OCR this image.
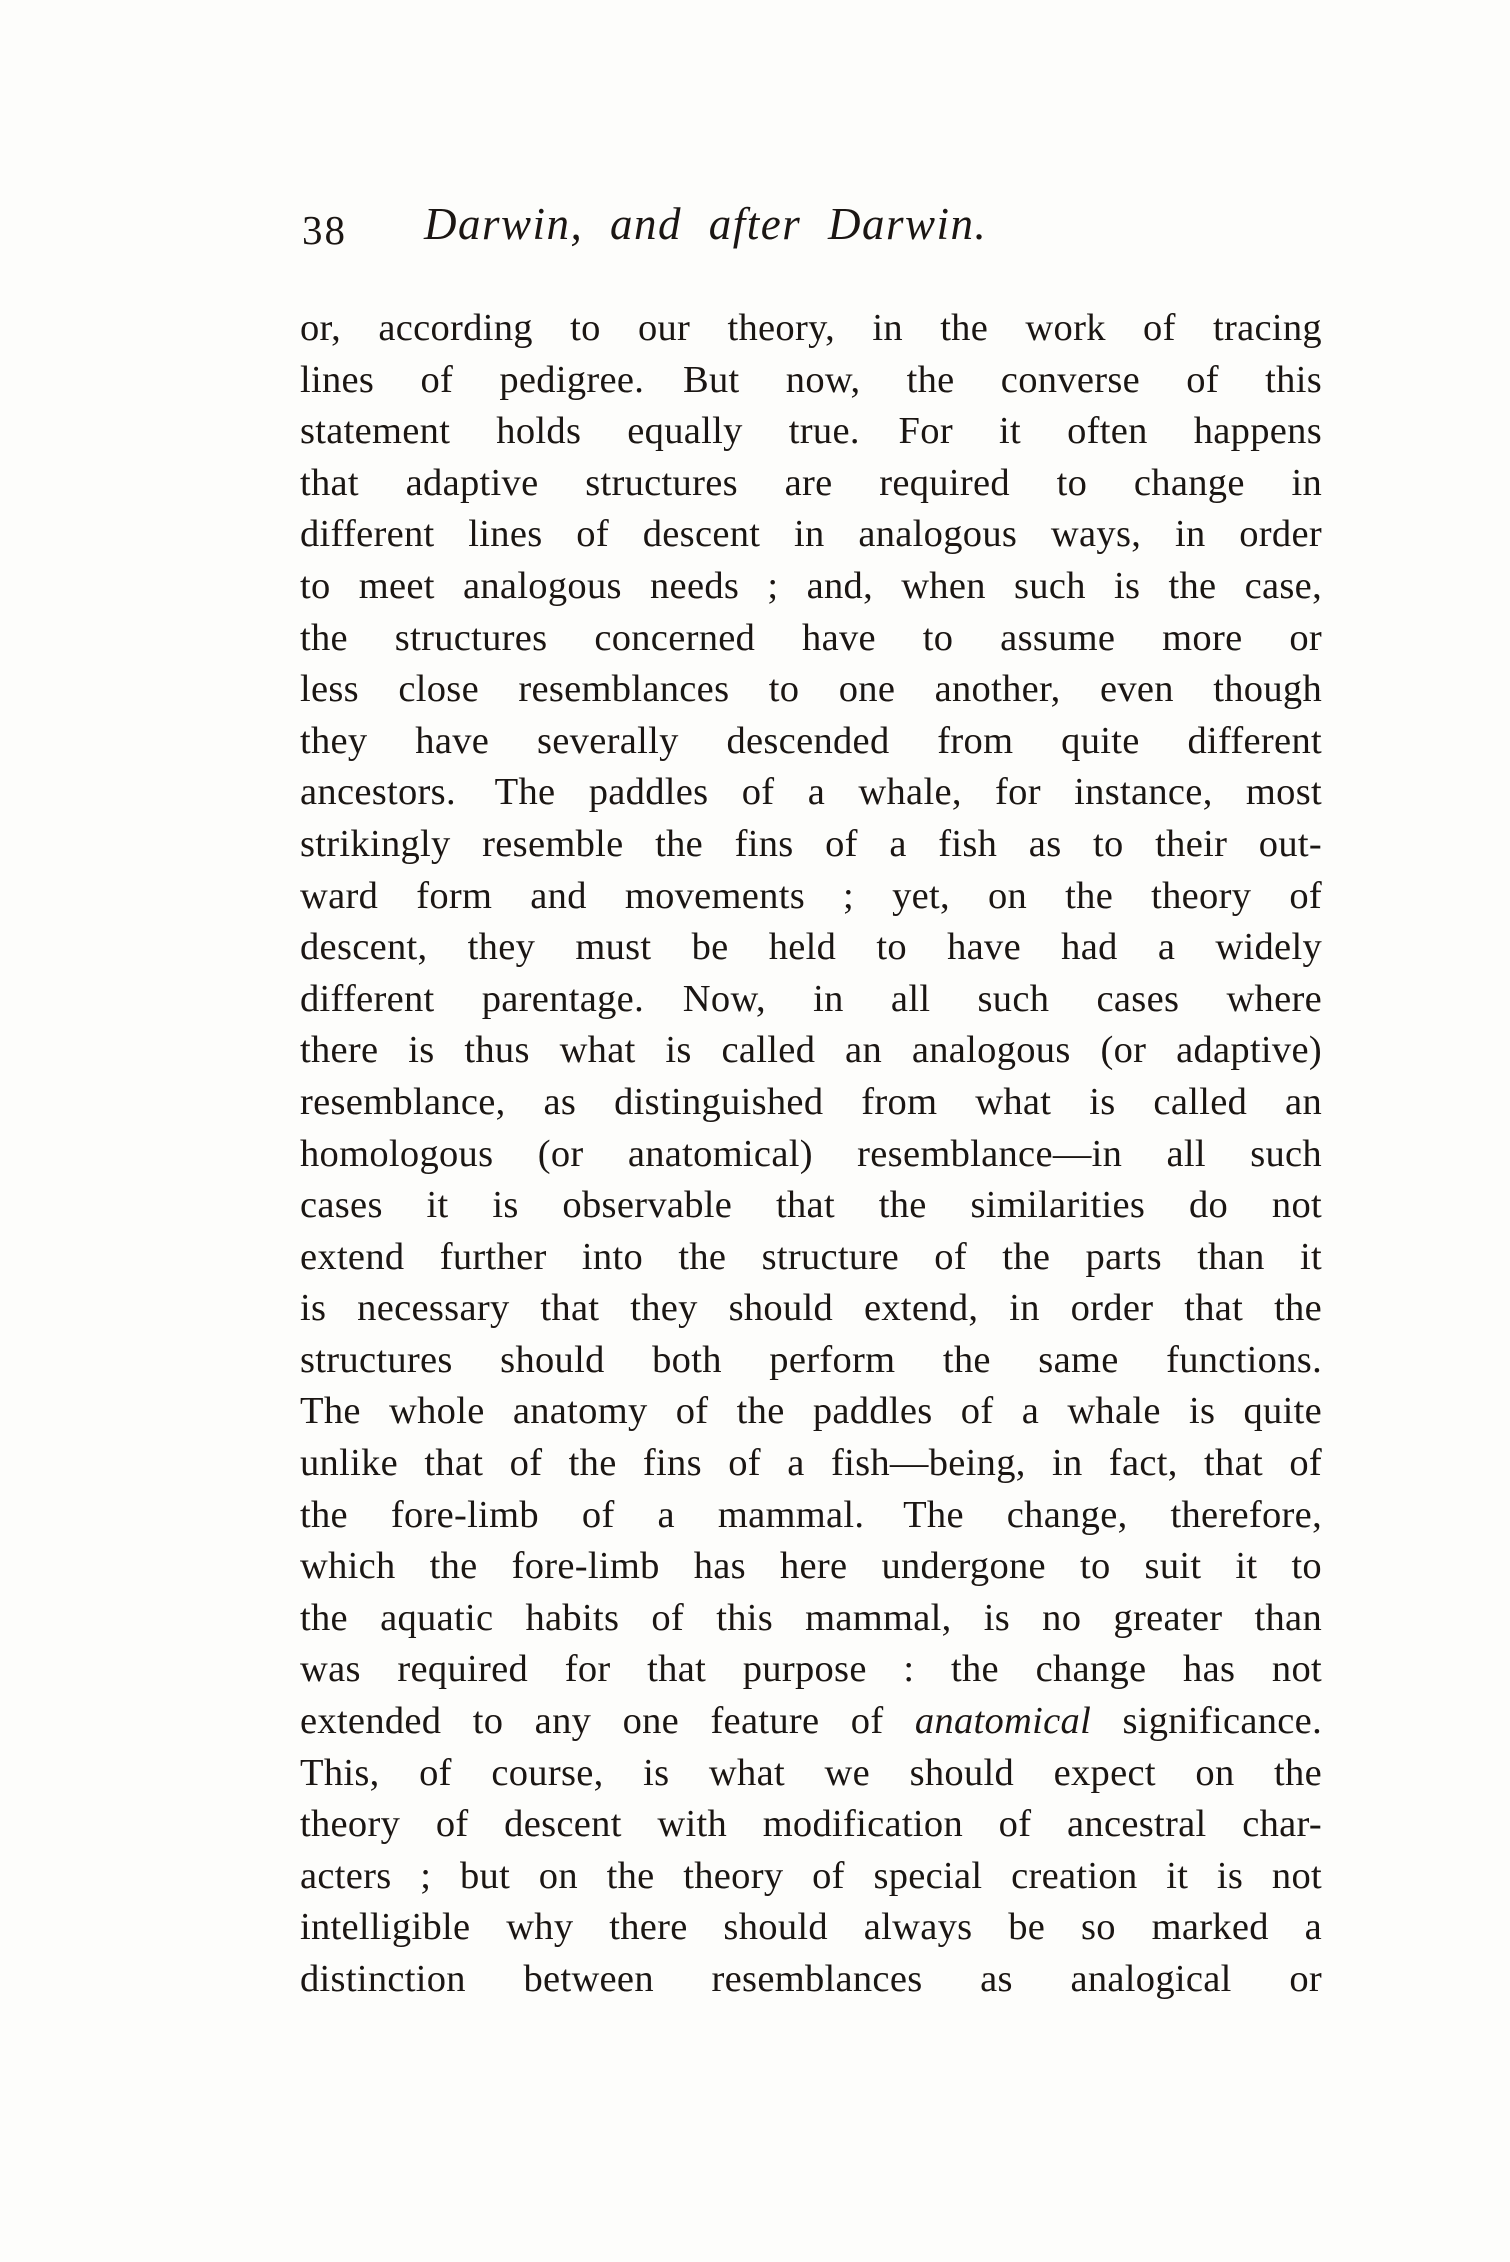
38 Darwin, and after Darwin.
or, according to our theory, in the work of tracing
lines of pedigree. But now, the converse of this
statement holds equally true. For it often happens
that adaptive structures are required to change in
different lines of descent in analogous ways, in order
to meet analogous needs ; and, when such is the case,
the structures concerned have to assume more or
less close resemblances to one another, even though
they have severally descended from quite different
ancestors. The paddles of a whale, for instance, most
strikingly resemble the fins of a fish as to their out-
ward form and movements ; yet, on the theory of
descent, they must be held to have had a widely
different parentage. Now, in all such cases where
there is thus what is called an analogous (or adaptive)
resemblance, as distinguished from what is called an
homologous (or anatomical) resemblance—in all such
cases it is observable that the similarities do not
extend further into the structure of the parts than it
is necessary that they should extend, in order that the
structures should both perform the same functions.
The whole anatomy of the paddles of a whale is quite
unlike that of the fins of a fish—being, in fact, that of
the fore-limb of a mammal. The change, therefore,
which the fore-limb has here undergone to suit it to
the aquatic habits of this mammal, is no greater than
was required for that purpose : the change has not
extended to any one feature of anatomical significance.
This, of course, is what we should expect on the
theory of descent with modification of ancestral char-
acters ; but on the theory of special creation it is not
intelligible why there should always be so marked a
distinction between resemblances as analogical or
